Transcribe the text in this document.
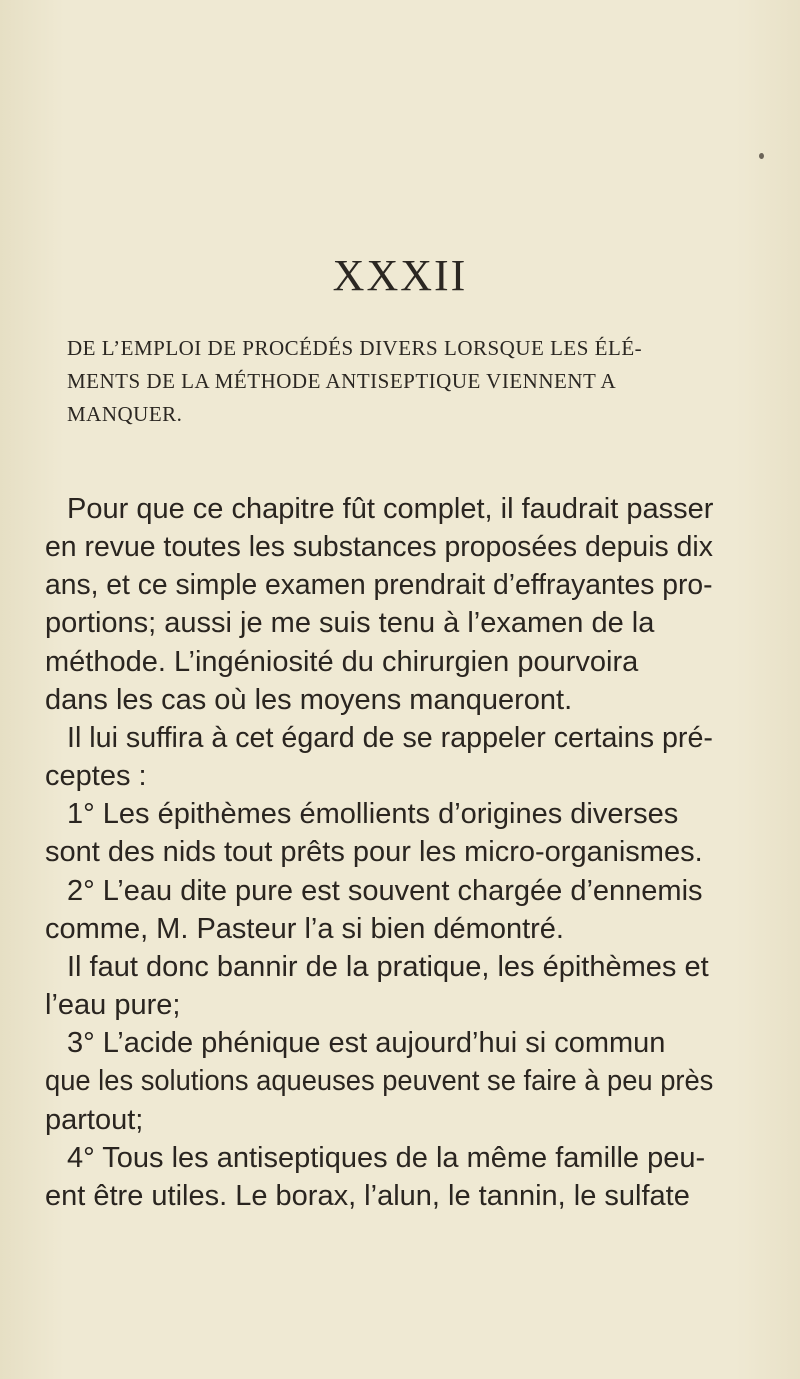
XXXII
DE L’EMPLOI DE PROCÉDÉS DIVERS LORSQUE LES ÉLÉ-
MENTS DE LA MÉTHODE ANTISEPTIQUE VIENNENT A
MANQUER.
Pour que ce chapitre fût complet, il faudrait passer
en revue toutes les substances proposées depuis dix
ans, et ce simple examen prendrait d’effrayantes pro-
portions; aussi je me suis tenu à l’examen de la
méthode. L’ingéniosité du chirurgien pourvoira
dans les cas où les moyens manqueront.
Il lui suffira à cet égard de se rappeler certains pré-
ceptes :
1° Les épithèmes émollients d’origines diverses
sont des nids tout prêts pour les micro-organismes.
2° L’eau dite pure est souvent chargée d’ennemis
comme, M. Pasteur l’a si bien démontré.
Il faut donc bannir de la pratique, les épithèmes et
l’eau pure;
3° L’acide phénique est aujourd’hui si commun
que les solutions aqueuses peuvent se faire à peu près
partout;
4° Tous les antiseptiques de la même famille peu-
ent être utiles. Le borax, l’alun, le tannin, le sulfate
